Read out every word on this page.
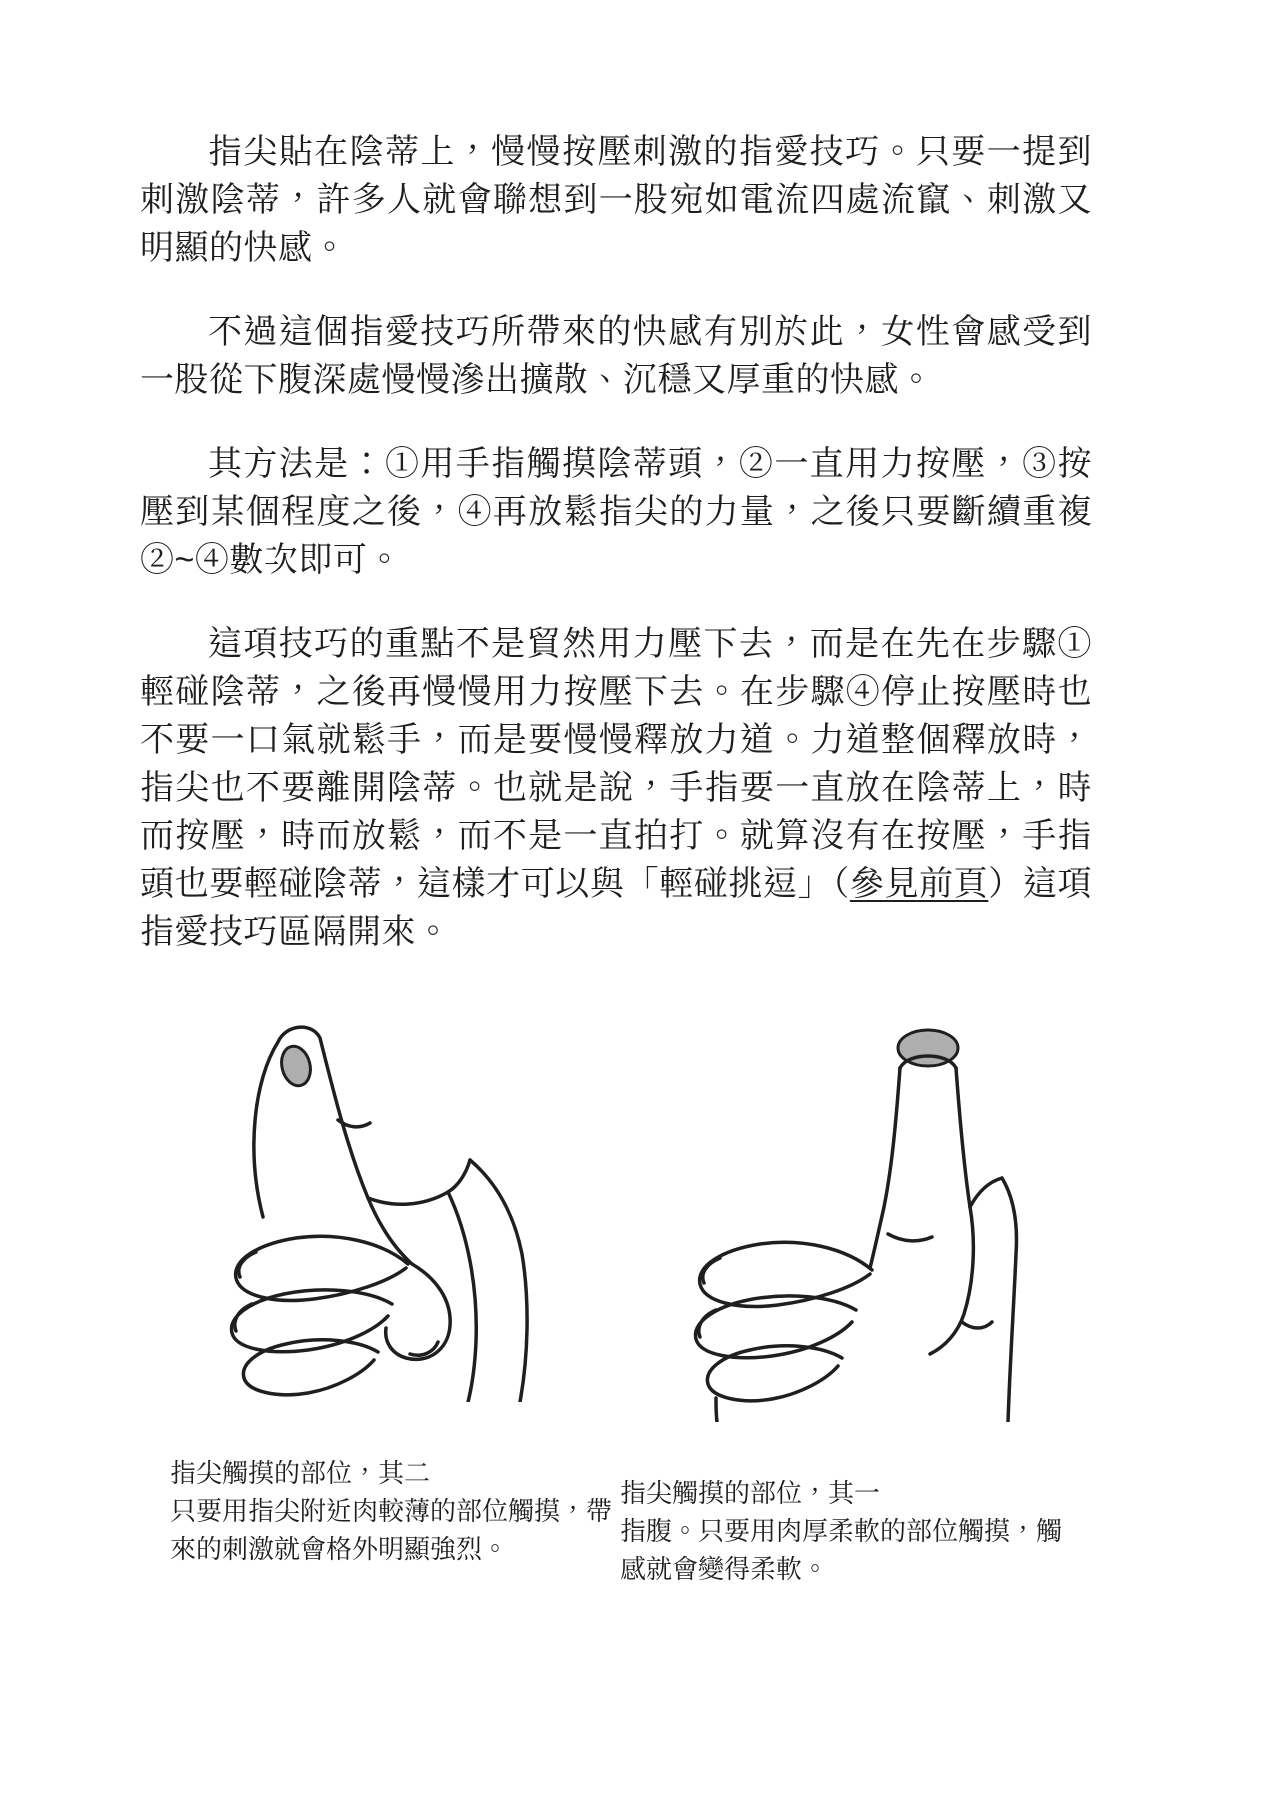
指尖貼在陰蒂上，慢慢按壓刺激的指愛技巧。只要一提到刺激陰蒂，許多人就會聯想到一股宛如電流四處流竄、刺激又明顯的快感。

不過這個指愛技巧所帶來的快感有別於此，女性會感受到一股從下腹深處慢慢滲出擴散、沉穩又厚重的快感。

其方法是：①用手指觸摸陰蒂頭，②一直用力按壓，③按壓到某個程度之後，④再放鬆指尖的力量，之後只要斷續重複②~④數次即可。

這項技巧的重點不是貿然用力壓下去，而是在先在步驟①輕碰陰蒂，之後再慢慢用力按壓下去。在步驟④停止按壓時也不要一口氣就鬆手，而是要慢慢釋放力道。力道整個釋放時，指尖也不要離開陰蒂。也就是說，手指要一直放在陰蒂上，時而按壓，時而放鬆，而不是一直拍打。就算沒有在按壓，手指頭也要輕碰陰蒂，這樣才可以與「輕碰挑逗」（參見前頁）這項指愛技巧區隔開來。

指尖觸摸的部位，其二
只要用指尖附近肉較薄的部位觸摸，帶來的刺激就會格外明顯強烈。
指尖觸摸的部位，其一
指腹。只要用肉厚柔軟的部位觸摸，觸感就會變得柔軟。
